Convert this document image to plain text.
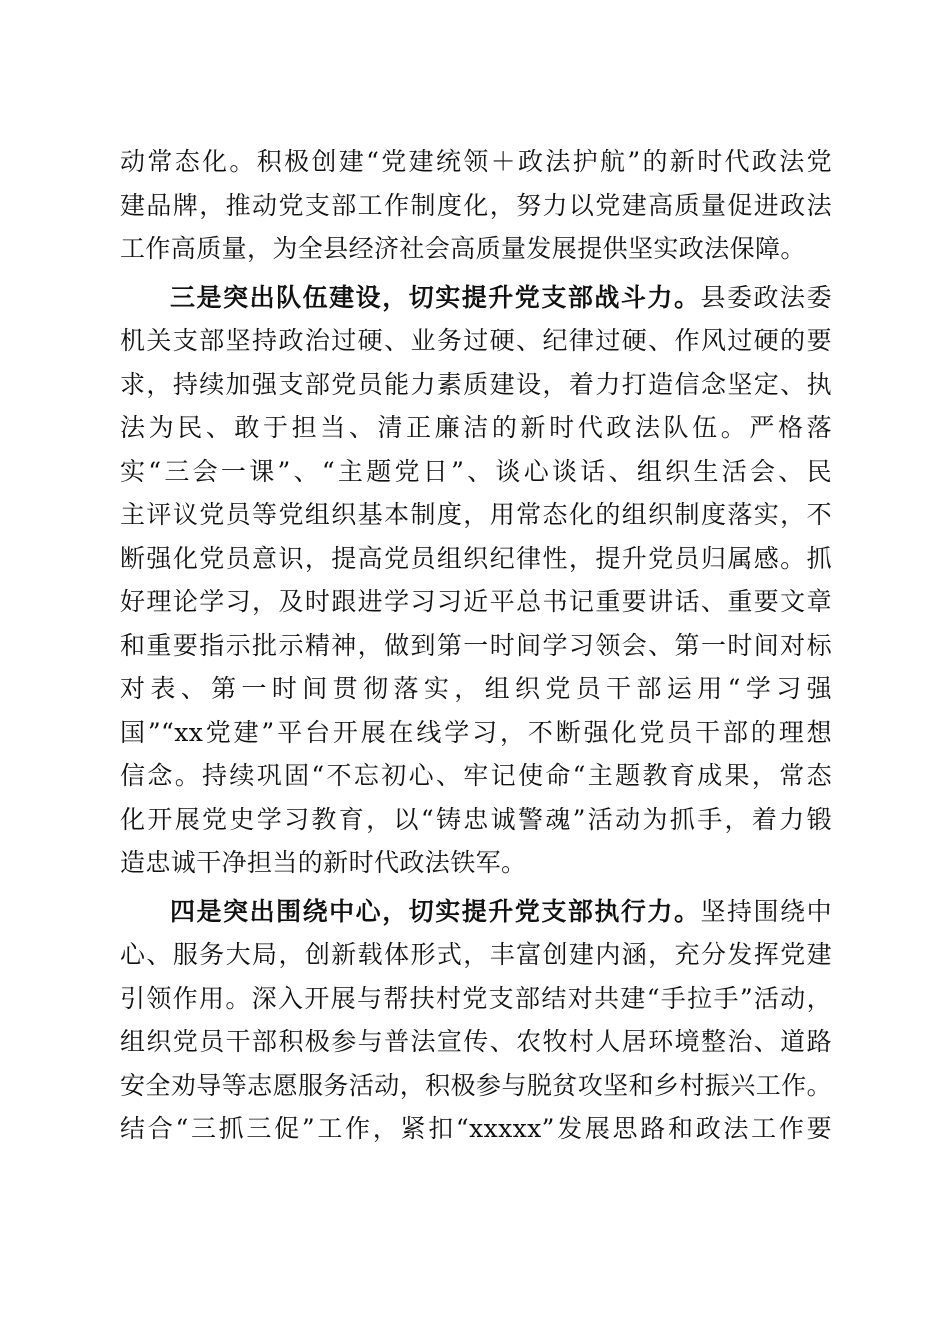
动常态化。积极创建“党建统领＋政法护航”的新时代政法党
建品牌，推动党支部工作制度化，努力以党建高质量促进政法
工作高质量，为全县经济社会高质量发展提供坚实政法保障。
三是突出队伍建设，切实提升党支部战斗力。县委政法委
机关支部坚持政治过硬、业务过硬、纪律过硬、作风过硬的要
求，持续加强支部党员能力素质建设，着力打造信念坚定、执
法为民、敢于担当、清正廉洁的新时代政法队伍。严格落
实“三会一课”、“主题党日”、谈心谈话、组织生活会、民
主评议党员等党组织基本制度，用常态化的组织制度落实，不
断强化党员意识，提高党员组织纪律性，提升党员归属感。抓
好理论学习，及时跟进学习习近平总书记重要讲话、重要文章
和重要指示批示精神，做到第一时间学习领会、第一时间对标
对表、第一时间贯彻落实，组织党员干部运用“学习强
国”“xx党建”平台开展在线学习，不断强化党员干部的理想
信念。持续巩固“不忘初心、牢记使命“主题教育成果，常态
化开展党史学习教育，以“铸忠诚警魂”活动为抓手，着力锻
造忠诚干净担当的新时代政法铁军。
四是突出围绕中心，切实提升党支部执行力。坚持围绕中
心、服务大局，创新载体形式，丰富创建内涵，充分发挥党建
引领作用。深入开展与帮扶村党支部结对共建“手拉手”活动，
组织党员干部积极参与普法宣传、农牧村人居环境整治、道路
安全劝导等志愿服务活动，积极参与脱贫攻坚和乡村振兴工作。
结合“三抓三促”工作，紧扣“xxxxx”发展思路和政法工作要
